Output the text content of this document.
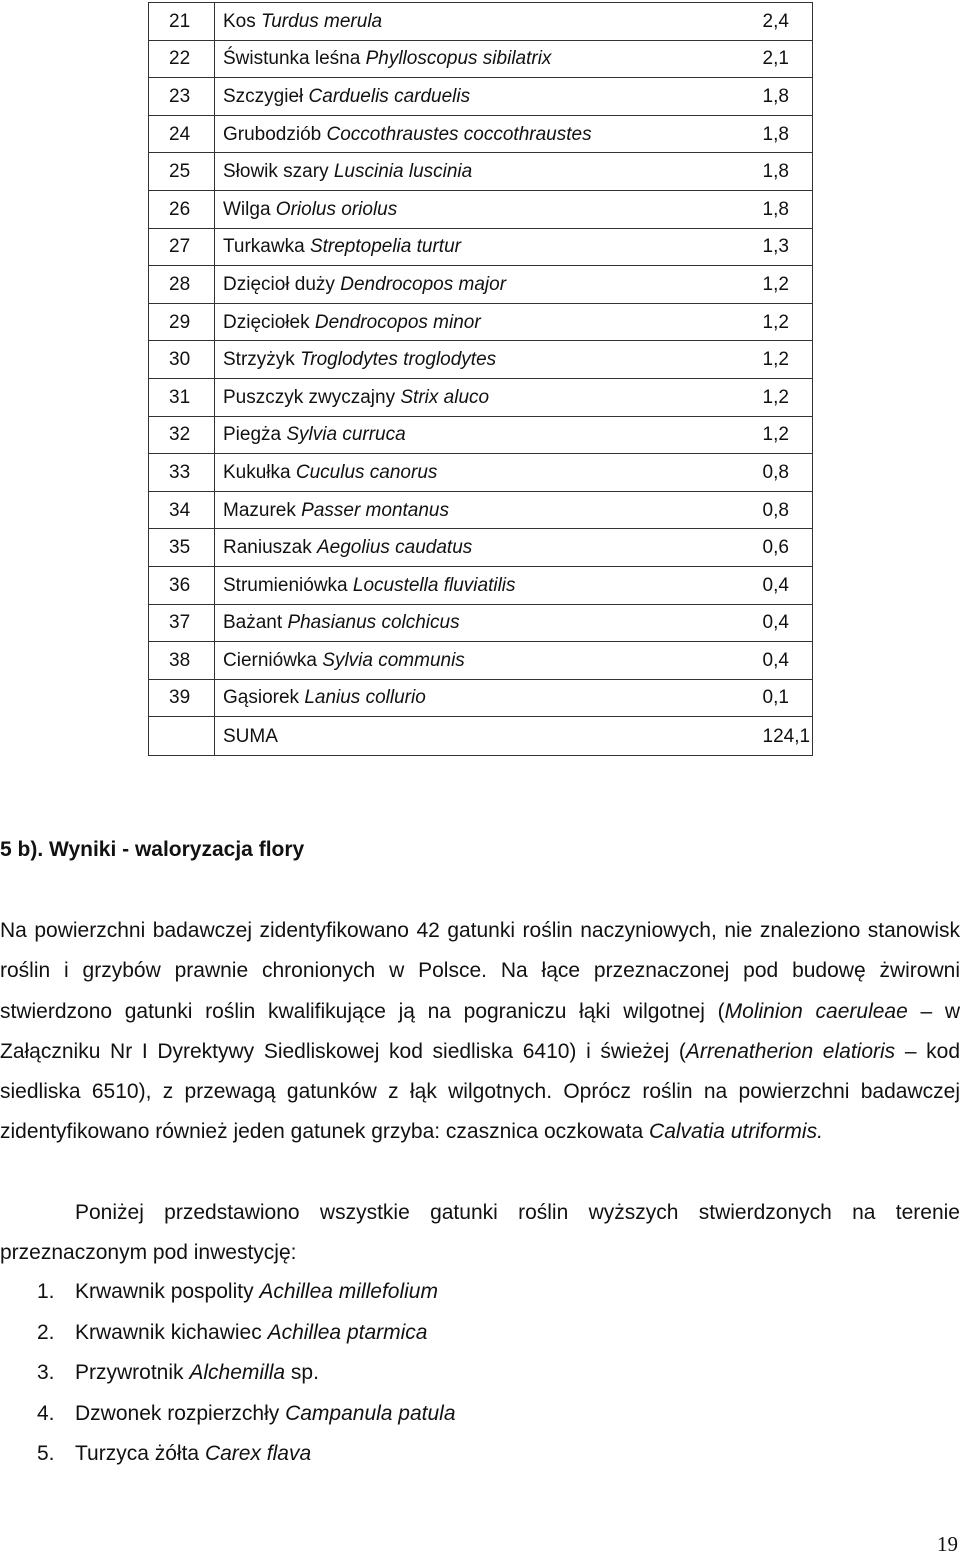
21	Kos Turdus merula	2,4
22	Świstunka leśna Phylloscopus sibilatrix	2,1
23	Szczygieł Carduelis carduelis	1,8
24	Grubodziób Coccothraustes coccothraustes	1,8
25	Słowik szary Luscinia luscinia	1,8
26	Wilga Oriolus oriolus	1,8
27	Turkawka Streptopelia turtur	1,3
28	Dzięcioł duży Dendrocopos major	1,2
29	Dzięciołek Dendrocopos minor	1,2
30	Strzyżyk Troglodytes troglodytes	1,2
31	Puszczyk zwyczajny Strix aluco	1,2
32	Piegża Sylvia curruca	1,2
33	Kukułka Cuculus canorus	0,8
34	Mazurek Passer montanus	0,8
35	Raniuszak Aegolius caudatus	0,6
36	Strumieniówka Locustella fluviatilis	0,4
37	Bażant Phasianus colchicus	0,4
38	Cierniówka Sylvia communis	0,4
39	Gąsiorek Lanius collurio	0,1
	SUMA	124,1
5 b). Wyniki - waloryzacja flory

Na powierzchni badawczej zidentyfikowano 42 gatunki roślin naczyniowych, nie znaleziono stanowisk roślin i grzybów prawnie chronionych w Polsce. Na łące przeznaczonej pod budowę żwirowni stwierdzono gatunki roślin kwalifikujące ją na pograniczu łąki wilgotnej (Molinion caeruleae – w Załączniku Nr I Dyrektywy Siedliskowej kod siedliska 6410) i świeżej (Arrenatherion elatioris – kod siedliska 6510), z przewagą gatunków z łąk wilgotnych. Oprócz roślin na powierzchni badawczej zidentyfikowano również jeden gatunek grzyba: czasznica oczkowata Calvatia utriformis.

Poniżej przedstawiono wszystkie gatunki roślin wyższych stwierdzonych na terenie przeznaczonym pod inwestycję:

1. Krwawnik pospolity Achillea millefolium
2. Krwawnik kichawiec Achillea ptarmica
3. Przywrotnik Alchemilla sp.
4. Dzwonek rozpierzchły Campanula patula
5. Turzyca żółta Carex flava
19
